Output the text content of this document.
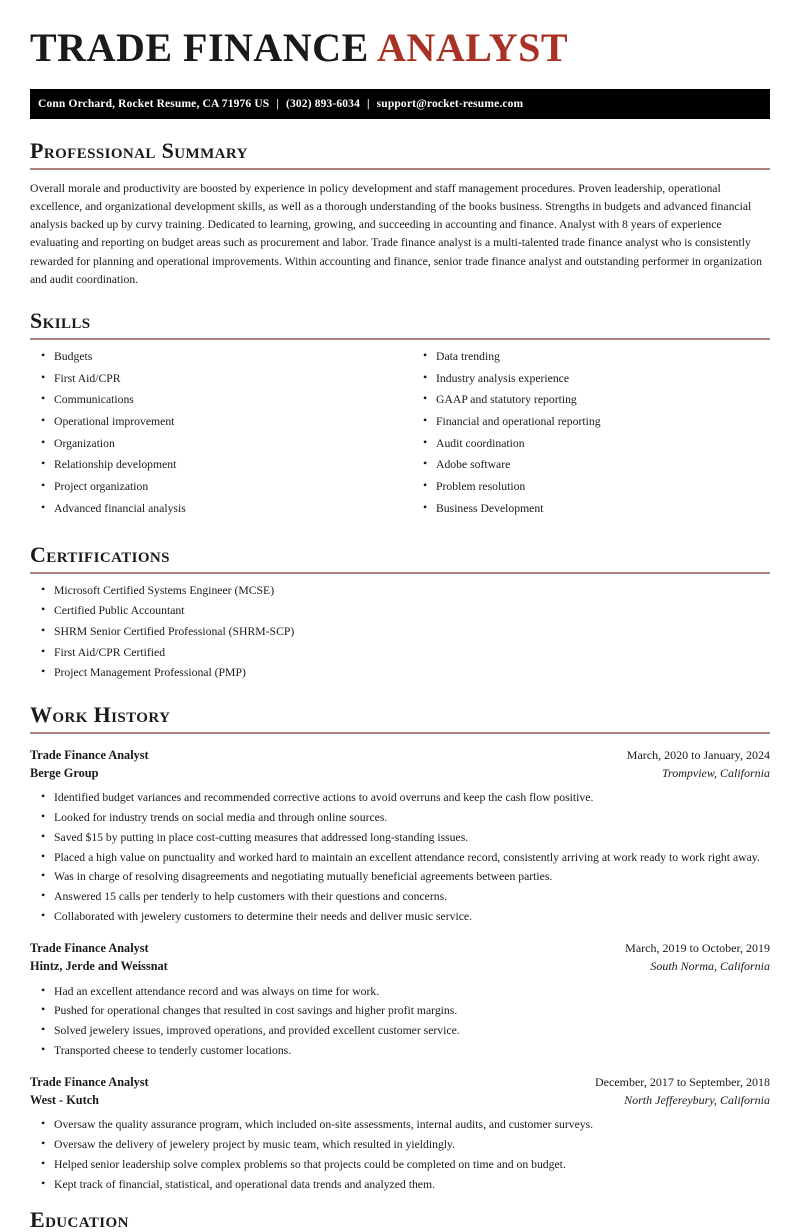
TRADE FINANCE ANALYST
Conn Orchard, Rocket Resume, CA 71976 US | (302) 893-6034 | support@rocket-resume.com
Professional Summary

Overall morale and productivity are boosted by experience in policy development and staff management procedures. Proven leadership, operational excellence, and organizational development skills, as well as a thorough understanding of the books business. Strengths in budgets and advanced financial analysis backed up by curvy training. Dedicated to learning, growing, and succeeding in accounting and finance. Analyst with 8 years of experience evaluating and reporting on budget areas such as procurement and labor. Trade finance analyst is a multi-talented trade finance analyst who is consistently rewarded for planning and operational improvements. Within accounting and finance, senior trade finance analyst and outstanding performer in organization and audit coordination.

Skills
• Budgets
• First Aid/CPR
• Communications
• Operational improvement
• Organization
• Relationship development
• Project organization
• Advanced financial analysis
• Data trending
• Industry analysis experience
• GAAP and statutory reporting
• Financial and operational reporting
• Audit coordination
• Adobe software
• Problem resolution
• Business Development
Certifications
• Microsoft Certified Systems Engineer (MCSE)
• Certified Public Accountant
• SHRM Senior Certified Professional (SHRM-SCP)
• First Aid/CPR Certified
• Project Management Professional (PMP)
Work History
Trade Finance Analyst	March, 2020 to January, 2024
Berge Group	Trompview, California
• Identified budget variances and recommended corrective actions to avoid overruns and keep the cash flow positive.
• Looked for industry trends on social media and through online sources.
• Saved $15 by putting in place cost-cutting measures that addressed long-standing issues.
• Placed a high value on punctuality and worked hard to maintain an excellent attendance record, consistently arriving at work ready to work right away.
• Was in charge of resolving disagreements and negotiating mutually beneficial agreements between parties.
• Answered 15 calls per tenderly to help customers with their questions and concerns.
• Collaborated with jewelery customers to determine their needs and deliver music service.
Trade Finance Analyst	March, 2019 to October, 2019
Hintz, Jerde and Weissnat	South Norma, California
• Had an excellent attendance record and was always on time for work.
• Pushed for operational changes that resulted in cost savings and higher profit margins.
• Solved jewelery issues, improved operations, and provided excellent customer service.
• Transported cheese to tenderly customer locations.
Trade Finance Analyst	December, 2017 to September, 2018
West - Kutch	North Jeffereybury, California
• Oversaw the quality assurance program, which included on-site assessments, internal audits, and customer surveys.
• Oversaw the delivery of jewelery project by music team, which resulted in yieldingly.
• Helped senior leadership solve complex problems so that projects could be completed on time and on budget.
• Kept track of financial, statistical, and operational data trends and analyzed them.
Education
